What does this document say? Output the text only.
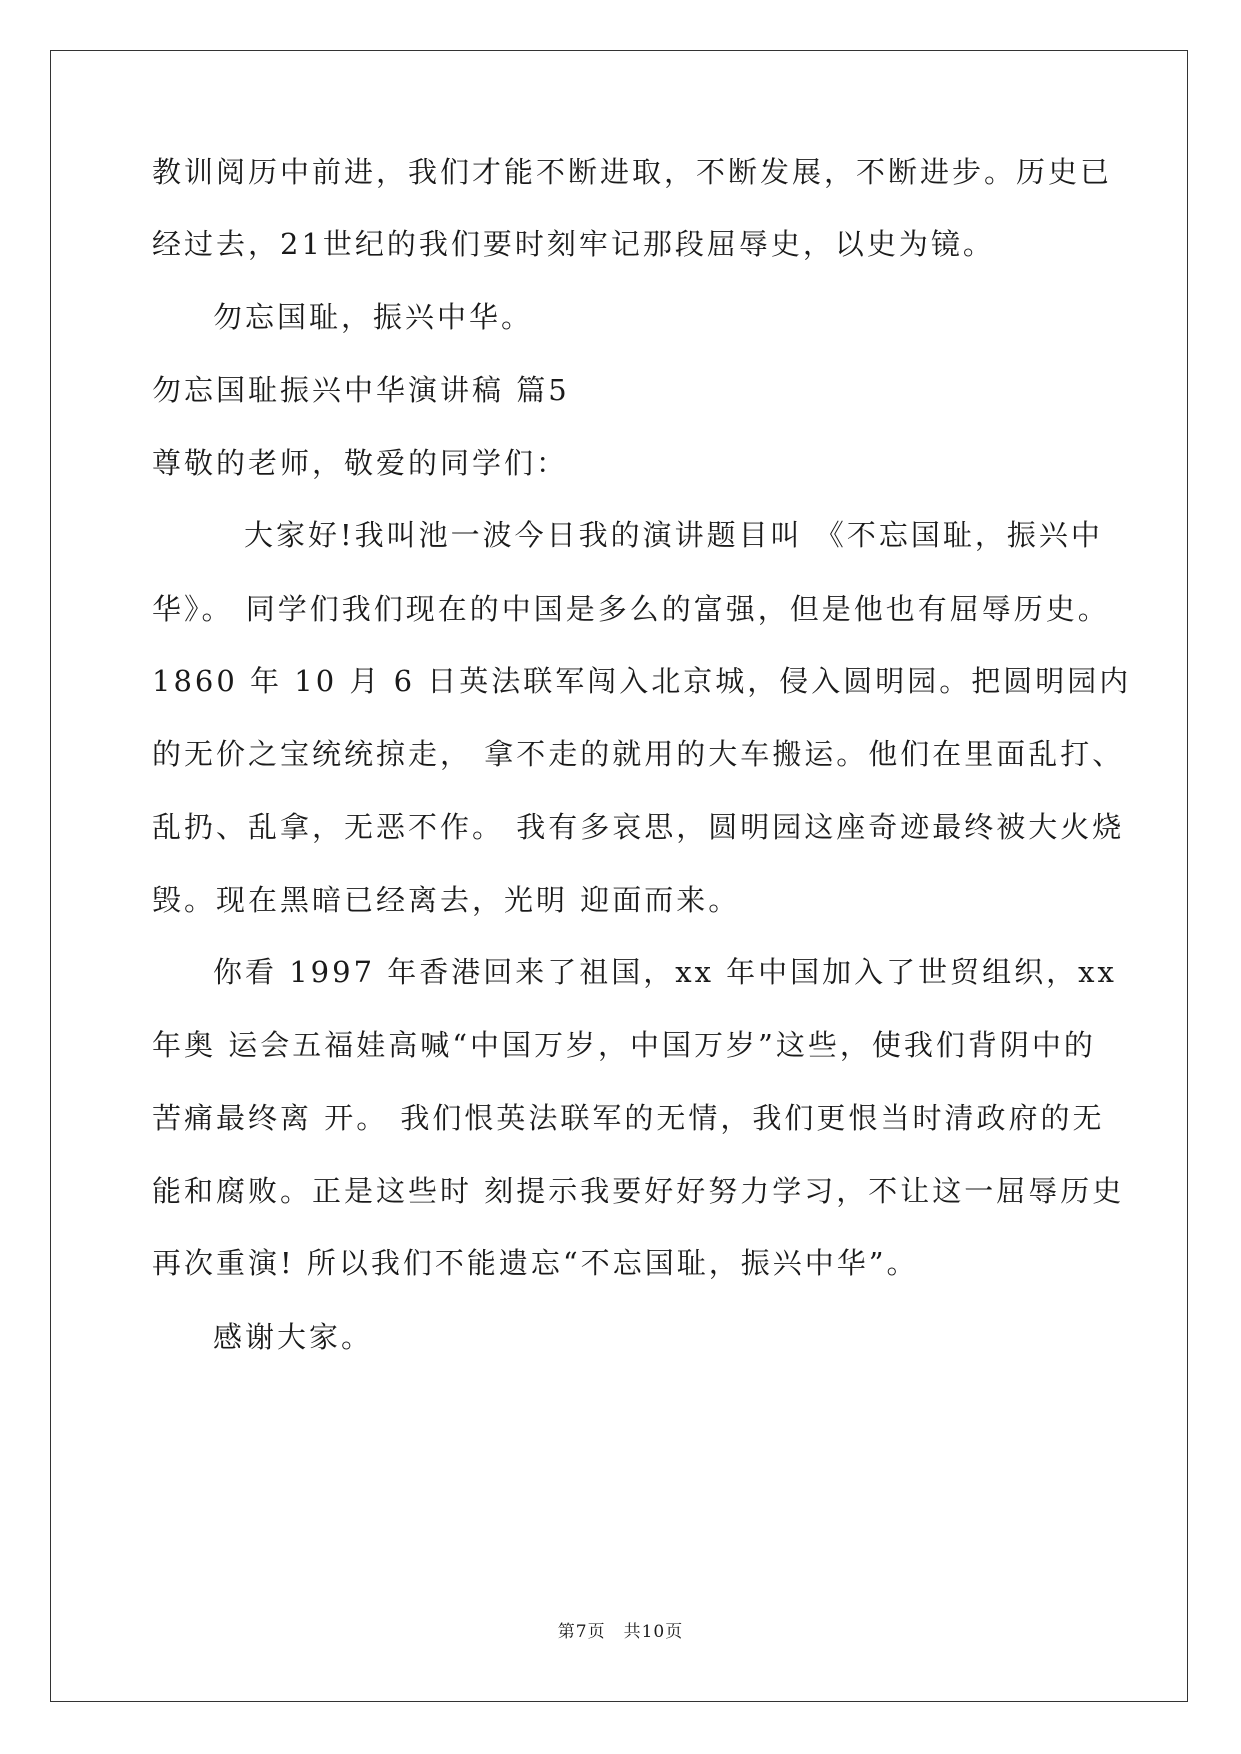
教训阅历中前进，我们才能不断进取，不断发展，不断进步。历史已
经过去，21世纪的我们要时刻牢记那段屈辱史，以史为镜。
勿忘国耻，振兴中华。
勿忘国耻振兴中华演讲稿 篇5
尊敬的老师，敬爱的同学们：
大家好!我叫池一波今日我的演讲题目叫 《不忘国耻，振兴中
华》。 同学们我们现在的中国是多么的富强，但是他也有屈辱历史。
1860 年 10 月 6 日英法联军闯入北京城，侵入圆明园。把圆明园内
的无价之宝统统掠走， 拿不走的就用的大车搬运。他们在里面乱打、
乱扔、乱拿，无恶不作。 我有多哀思，圆明园这座奇迹最终被大火烧
毁。现在黑暗已经离去，光明 迎面而来。
你看 1997 年香港回来了祖国，xx 年中国加入了世贸组织，xx
年奥 运会五福娃高喊“中国万岁，中国万岁”这些，使我们背阴中的
苦痛最终离 开。 我们恨英法联军的无情，我们更恨当时清政府的无
能和腐败。正是这些时 刻提示我要好好努力学习，不让这一屈辱历史
再次重演! 所以我们不能遗忘“不忘国耻，振兴中华”。
感谢大家。
第7页　共10页
